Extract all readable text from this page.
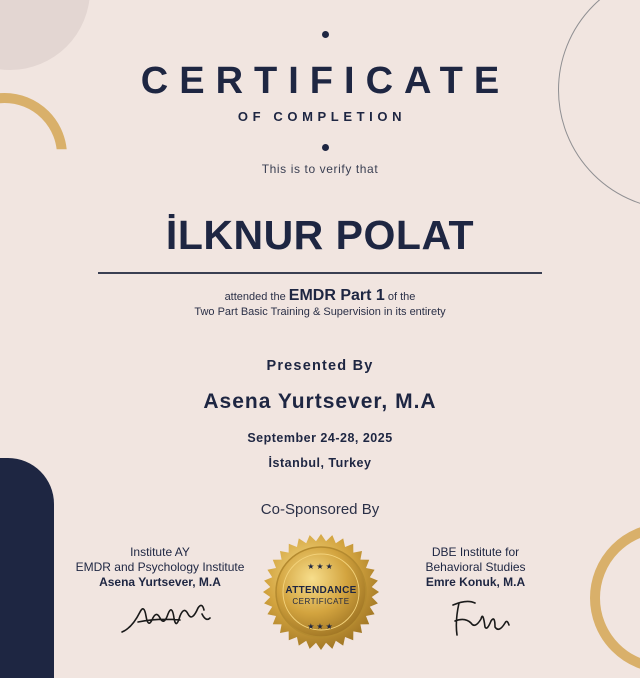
CERTIFICATE
OF COMPLETION
This is to verify that
İLKNUR POLAT
attended the EMDR Part 1 of the
Two Part Basic Training & Supervision in its entirety
Presented By
Asena Yurtsever, M.A
September 24-28, 2025
İstanbul, Turkey
Co-Sponsored By
Institute AY
EMDR and Psychology Institute
Asena Yurtsever, M.A
DBE Institute for
Behavioral Studies
Emre Konuk, M.A
★★★
ATTENDANCE
CERTIFICATE
★★★
